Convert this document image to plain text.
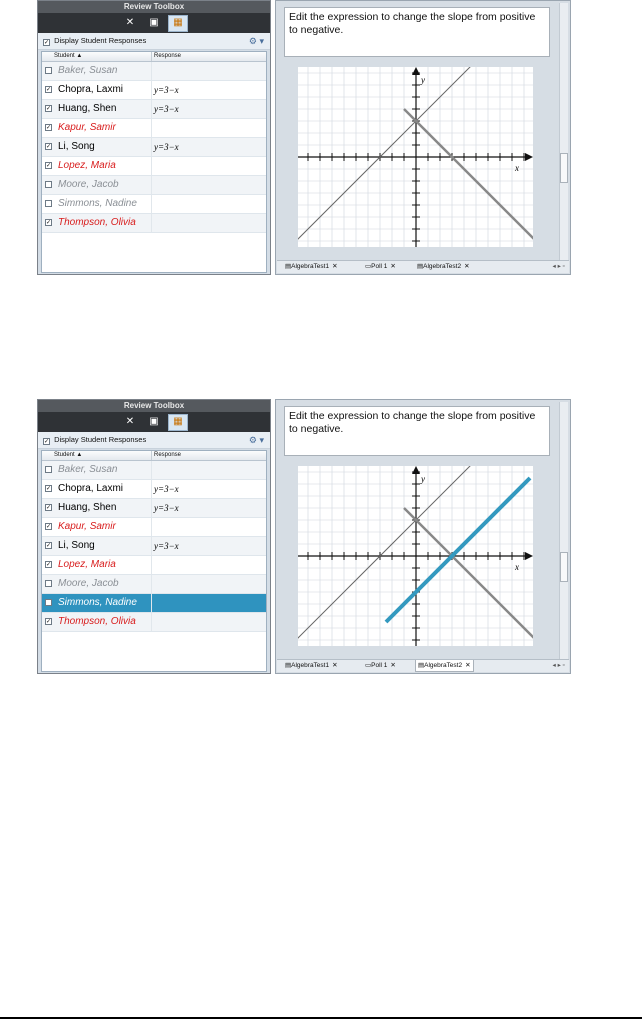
Review Toolbox
✕	▣	▦
✓ Display Student Responses	⚙ ▾
Student ▲	Response
Baker, Susan
✓ Chopra, Laxmi	y=3−x
✓ Huang, Shen	y=3−x
✓ Kapur, Samir
✓ Li, Song	y=3−x
✓ Lopez, Maria
Moore, Jacob
Simmons, Nadine
✓ Thompson, Olivia
Edit the expression to change the slope from positive to negative.
x
y
▤AlgebraTest1 ✕	▭Poll 1 ✕	▤AlgebraTest2 ✕	◂ ▸ ▫
Review Toolbox
✕	▣	▦
✓ Display Student Responses	⚙ ▾
Student ▲	Response
Baker, Susan
✓ Chopra, Laxmi	y=3−x
✓ Huang, Shen	y=3−x
✓ Kapur, Samir
✓ Li, Song	y=3−x
✓ Lopez, Maria
Moore, Jacob
Simmons, Nadine
✓ Thompson, Olivia
Edit the expression to change the slope from positive to negative.
x
y
▤AlgebraTest1 ✕	▭Poll 1 ✕	▤AlgebraTest2 ✕	◂ ▸ ▫
